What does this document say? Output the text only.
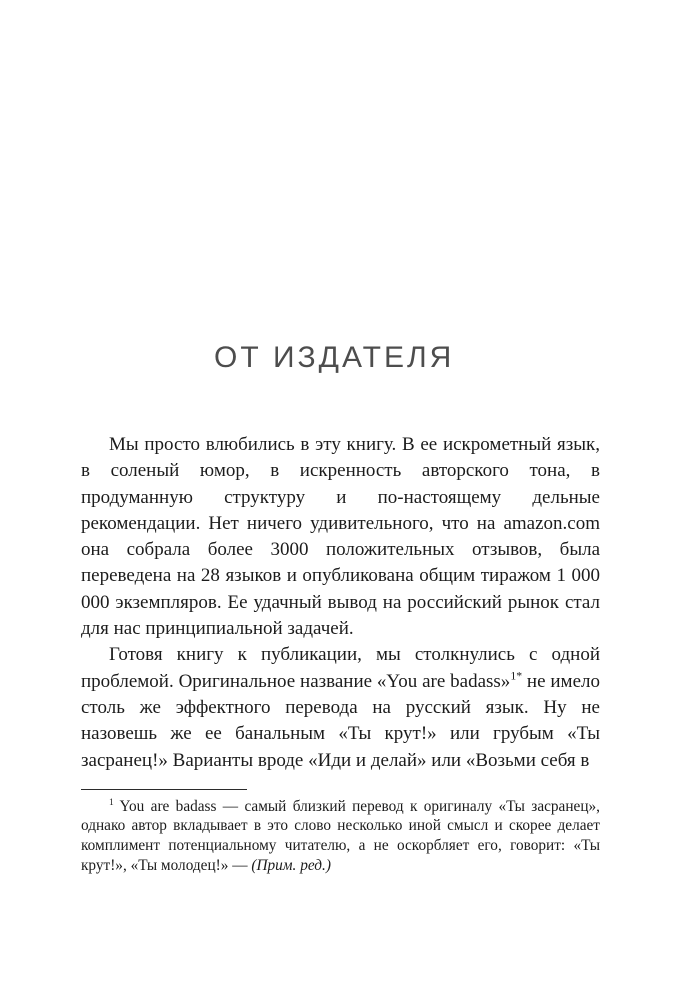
ОТ ИЗДАТЕЛЯ

Мы просто влюбились в эту книгу. В ее искрометный язык, в соленый юмор, в искренность авторского тона, в продуманную структуру и по-настоящему дельные рекомендации. Нет ничего удивительного, что на amazon.com она собрала более 3000 положительных отзывов, была переведена на 28 языков и опубликована общим тиражом 1 000 000 экземпляров. Ее удачный вывод на российский рынок стал для нас принципиальной задачей.

Готовя книгу к публикации, мы столкнулись с одной проблемой. Оригинальное название «You are badass»$^{1*}$ не имело столь же эффектного перевода на русский язык. Ну не назовешь же ее банальным «Ты крут!» или грубым «Ты засранец!» Варианты вроде «Иди и делай» или «Возьми себя в

$^1$ You are badass — самый близкий перевод к оригиналу «Ты засранец», однако автор вкладывает в это слово несколько иной смысл и скорее делает комплимент потенциальному читателю, а не оскорбляет его, говорит: «Ты крут!», «Ты молодец!» — (Прим. ред.)
